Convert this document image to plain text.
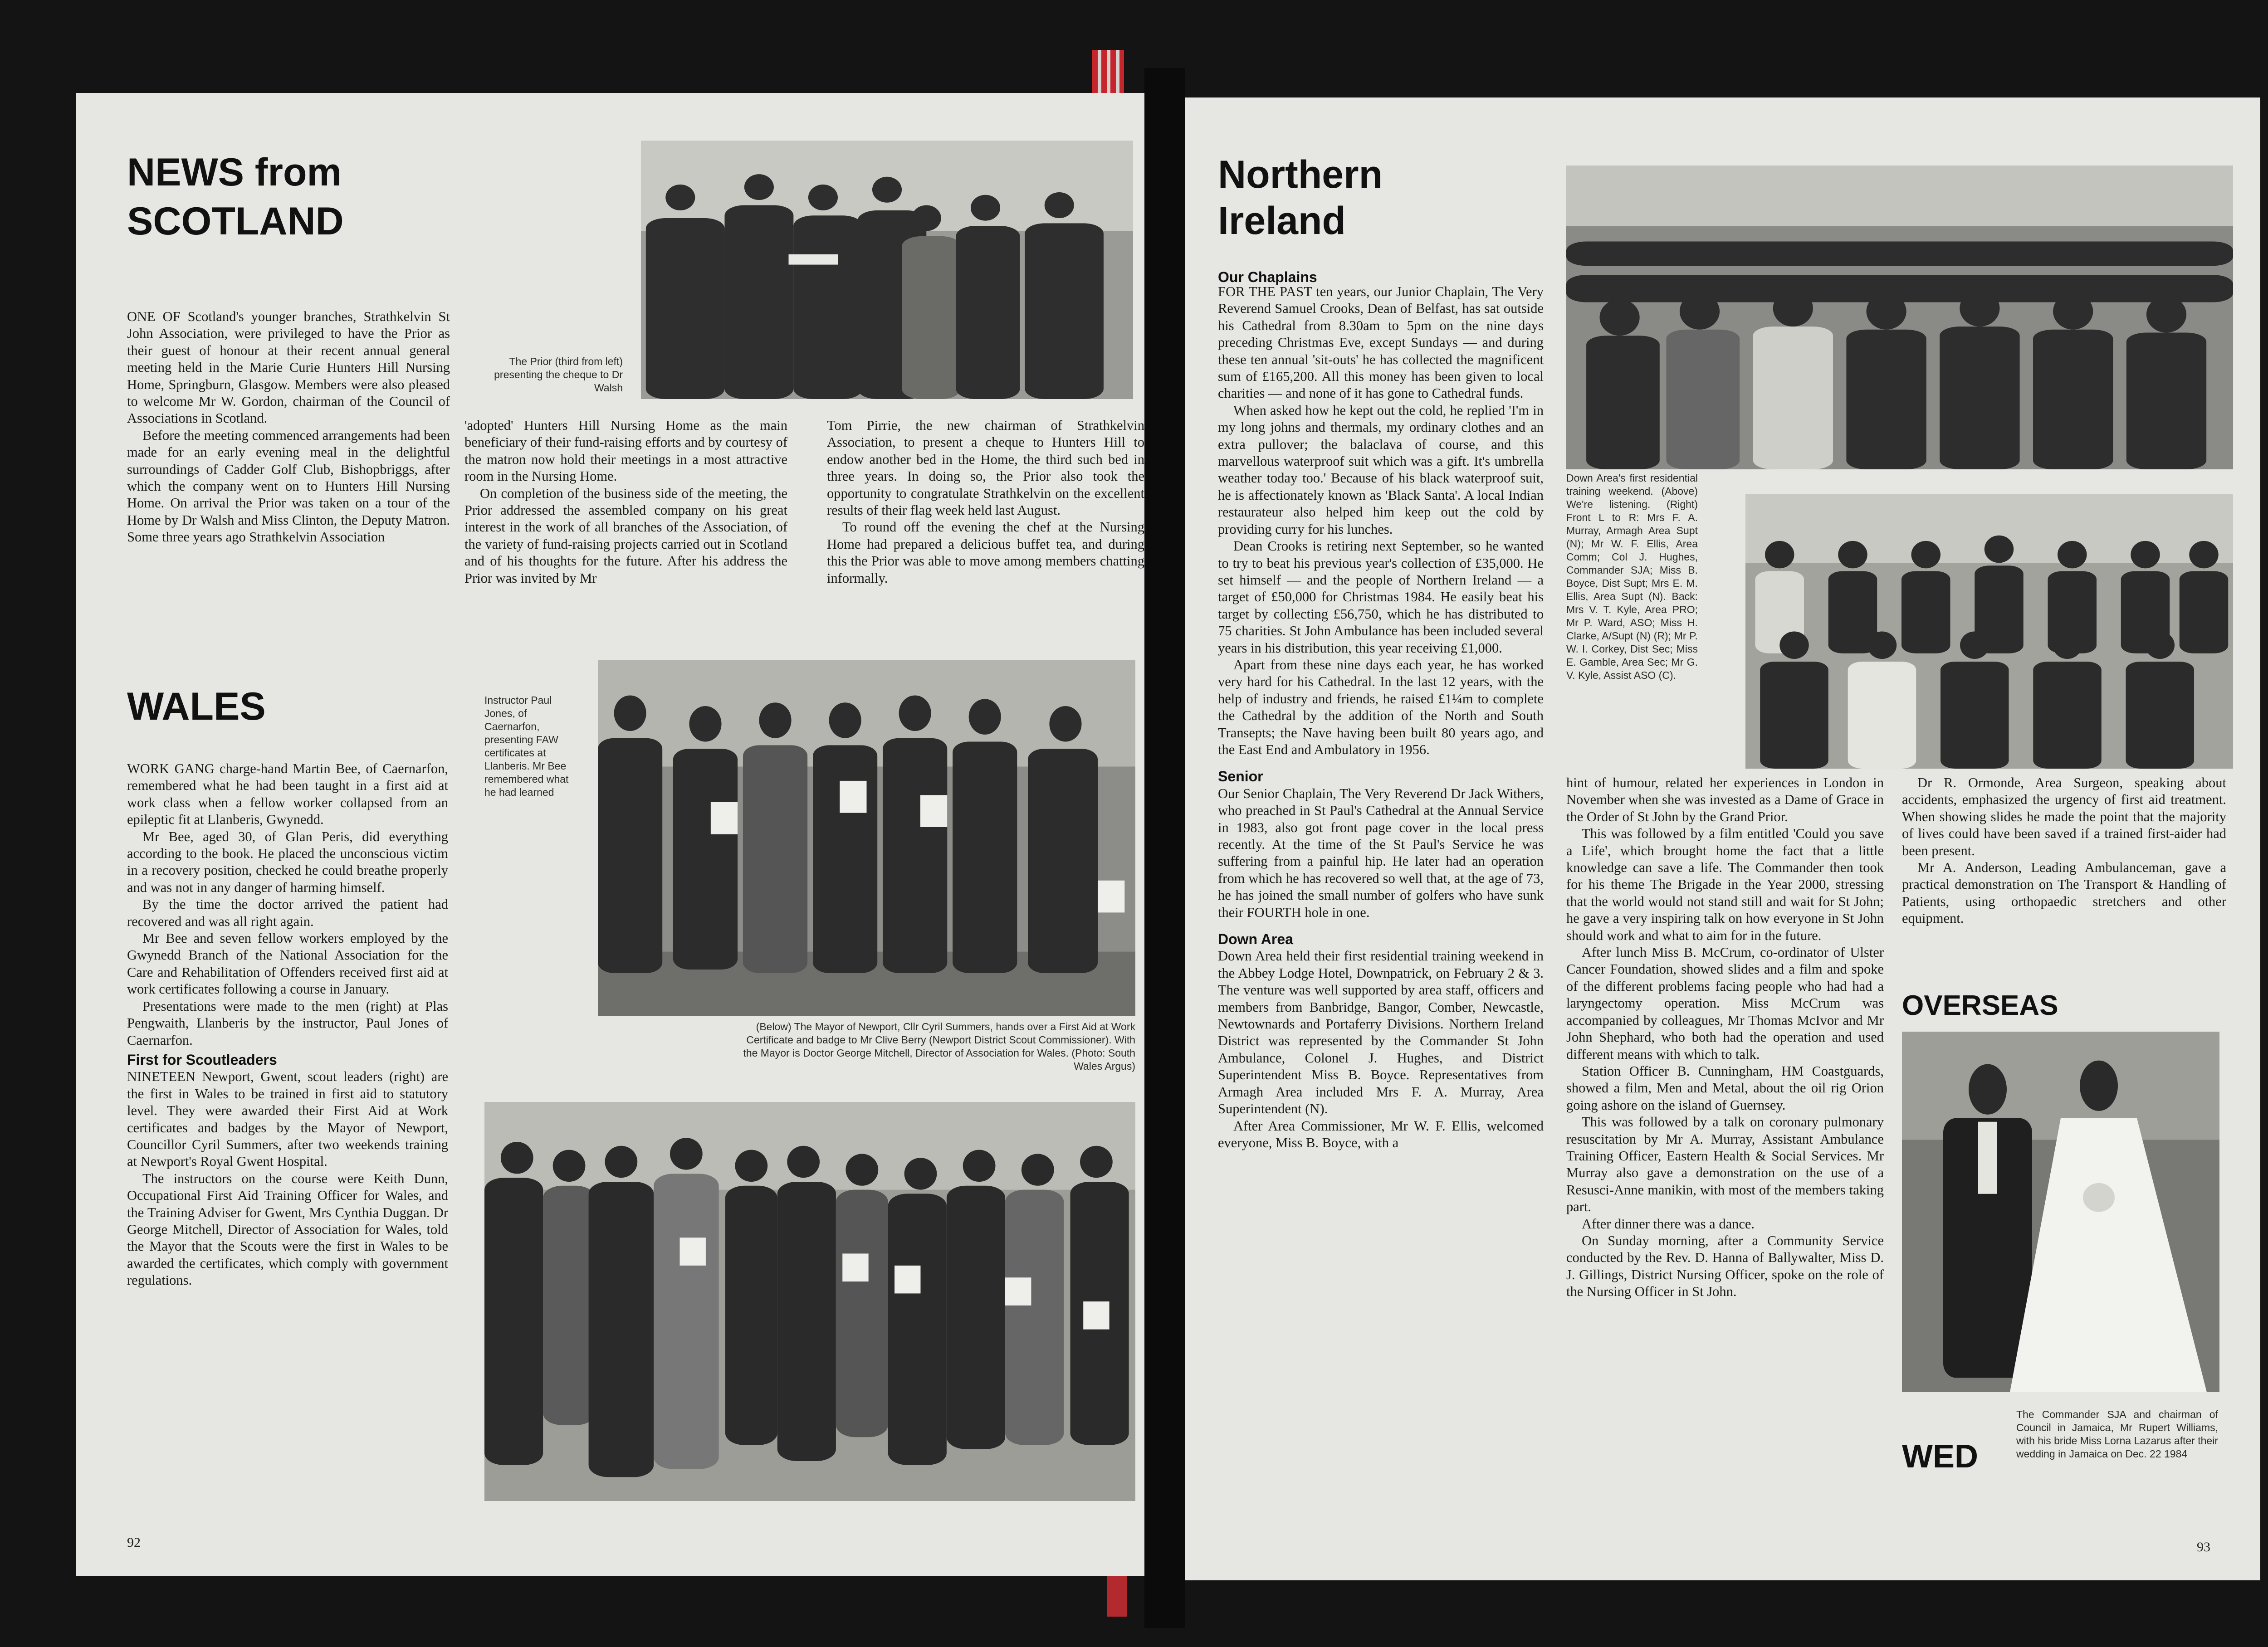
NEWS from
SCOTLAND
The Prior (third from left) presenting the cheque to Dr Walsh

ONE OF Scotland's younger branches, Strathkelvin St John Association, were privileged to have the Prior as their guest of honour at their recent annual general meeting held in the Marie Curie Hunters Hill Nursing Home, Springburn, Glasgow. Members were also pleased to welcome Mr W. Gordon, chairman of the Council of Associations in Scotland.

Before the meeting commenced arrangements had been made for an early evening meal in the delightful surroundings of Cadder Golf Club, Bishopbriggs, after which the company went on to Hunters Hill Nursing Home. On arrival the Prior was taken on a tour of the Home by Dr Walsh and Miss Clinton, the Deputy Matron. Some three years ago Strathkelvin Association

'adopted' Hunters Hill Nursing Home as the main beneficiary of their fund-raising efforts and by courtesy of the matron now hold their meetings in a most attractive room in the Nursing Home.

On completion of the business side of the meeting, the Prior addressed the assembled company on his great interest in the work of all branches of the Association, of the variety of fund-raising projects carried out in Scotland and of his thoughts for the future. After his address the Prior was invited by Mr

Tom Pirrie, the new chairman of Strathkelvin Association, to present a cheque to Hunters Hill to endow another bed in the Home, the third such bed in three years. In doing so, the Prior also took the opportunity to congratulate Strathkelvin on the excellent results of their flag week held last August.

To round off the evening the chef at the Nursing Home had prepared a delicious buffet tea, and during this the Prior was able to move among members chatting informally.

WALES	Instructor Paul Jones, of Caernarfon, presenting FAW certificates at Llanberis. Mr Bee remembered what he had learned
(Below) The Mayor of Newport, Cllr Cyril Summers, hands over a First Aid at Work Certificate and badge to Mr Clive Berry (Newport District Scout Commissioner). With the Mayor is Doctor George Mitchell, Director of Association for Wales. (Photo: South Wales Argus)

WORK GANG charge-hand Martin Bee, of Caernarfon, remembered what he had been taught in a first aid at work class when a fellow worker collapsed from an epileptic fit at Llanberis, Gwynedd.

Mr Bee, aged 30, of Glan Peris, did everything according to the book. He placed the unconscious victim in a recovery position, checked he could breathe properly and was not in any danger of harming himself.

By the time the doctor arrived the patient had recovered and was all right again.

Mr Bee and seven fellow workers employed by the Gwynedd Branch of the National Association for the Care and Rehabilitation of Offenders received first aid at work certificates following a course in January.

Presentations were made to the men (right) at Plas Pengwaith, Llanberis by the instructor, Paul Jones of Caernarfon.

First for Scoutleaders

NINETEEN Newport, Gwent, scout leaders (right) are the first in Wales to be trained in first aid to statutory level. They were awarded their First Aid at Work certificates and badges by the Mayor of Newport, Councillor Cyril Summers, after two weekends training at Newport's Royal Gwent Hospital.

The instructors on the course were Keith Dunn, Occupational First Aid Training Officer for Wales, and the Training Adviser for Gwent, Mrs Cynthia Duggan. Dr George Mitchell, Director of Association for Wales, told the Mayor that the Scouts were the first in Wales to be awarded the certificates, which comply with government regulations.

92
Northern
Ireland
Our Chaplains

FOR THE PAST ten years, our Junior Chaplain, The Very Reverend Samuel Crooks, Dean of Belfast, has sat outside his Cathedral from 8.30am to 5pm on the nine days preceding Christmas Eve, except Sundays — and during these ten annual 'sit-outs' he has collected the magnificent sum of £165,200. All this money has been given to local charities — and none of it has gone to Cathedral funds.

When asked how he kept out the cold, he replied 'I'm in my long johns and thermals, my ordinary clothes and an extra pullover; the balaclava of course, and this marvellous waterproof suit which was a gift. It's umbrella weather today too.' Because of his black waterproof suit, he is affectionately known as 'Black Santa'. A local Indian restaurateur also helped him keep out the cold by providing curry for his lunches.

Dean Crooks is retiring next September, so he wanted to try to beat his previous year's collection of £35,000. He set himself — and the people of Northern Ireland — a target of £50,000 for Christmas 1984. He easily beat his target by collecting £56,750, which he has distributed to 75 charities. St John Ambulance has been included several years in his distribution, this year receiving £1,000.

Apart from these nine days each year, he has worked very hard for his Cathedral. In the last 12 years, with the help of industry and friends, he raised £1¼m to complete the Cathedral by the addition of the North and South Transepts; the Nave having been built 80 years ago, and the East End and Ambulatory in 1956.

Senior

Our Senior Chaplain, The Very Reverend Dr Jack Withers, who preached in St Paul's Cathedral at the Annual Service in 1983, also got front page cover in the local press recently. At the time of the St Paul's Service he was suffering from a painful hip. He later had an operation from which he has recovered so well that, at the age of 73, he has joined the small number of golfers who have sunk their FOURTH hole in one.

Down Area

Down Area held their first residential training weekend in the Abbey Lodge Hotel, Downpatrick, on February 2 & 3. The venture was well supported by area staff, officers and members from Banbridge, Bangor, Comber, Newcastle, Newtownards and Portaferry Divisions. Northern Ireland District was represented by the Commander St John Ambulance, Colonel J. Hughes, and District Superintendent Miss B. Boyce. Representatives from Armagh Area included Mrs F. A. Murray, Area Superintendent (N).

After Area Commissioner, Mr W. F. Ellis, welcomed everyone, Miss B. Boyce, with a

Down Area's first residential training weekend. (Above) We're listening. (Right) Front L to R: Mrs F. A. Murray, Armagh Area Supt (N); Mr W. F. Ellis, Area Comm; Col J. Hughes, Commander SJA; Miss B. Boyce, Dist Supt; Mrs E. M. Ellis, Area Supt (N). Back: Mrs V. T. Kyle, Area PRO; Mr P. Ward, ASO; Miss H. Clarke, A/Supt (N) (R); Mr P. W. I. Corkey, Dist Sec; Miss E. Gamble, Area Sec; Mr G. V. Kyle, Assist ASO (C).

hint of humour, related her experiences in London in November when she was invested as a Dame of Grace in the Order of St John by the Grand Prior.

This was followed by a film entitled 'Could you save a Life', which brought home the fact that a little knowledge can save a life. The Commander then took for his theme The Brigade in the Year 2000, stressing that the world would not stand still and wait for St John; he gave a very inspiring talk on how everyone in St John should work and what to aim for in the future.

After lunch Miss B. McCrum, co-ordinator of Ulster Cancer Foundation, showed slides and a film and spoke of the different problems facing people who had had a laryngectomy operation. Miss McCrum was accompanied by colleagues, Mr Thomas McIvor and Mr John Shephard, who both had the operation and used different means with which to talk.

Station Officer B. Cunningham, HM Coastguards, showed a film, Men and Metal, about the oil rig Orion going ashore on the island of Guernsey.

This was followed by a talk on coronary pulmonary resuscitation by Mr A. Murray, Assistant Ambulance Training Officer, Eastern Health & Social Services. Mr Murray also gave a demonstration on the use of a Resusci-Anne manikin, with most of the members taking part.

After dinner there was a dance.

On Sunday morning, after a Community Service conducted by the Rev. D. Hanna of Ballywalter, Miss D. J. Gillings, District Nursing Officer, spoke on the role of the Nursing Officer in St John.

Dr R. Ormonde, Area Surgeon, speaking about accidents, emphasized the urgency of first aid treatment. When showing slides he made the point that the majority of lives could have been saved if a trained first-aider had been present.

Mr A. Anderson, Leading Ambulanceman, gave a practical demonstration on The Transport & Handling of Patients, using orthopaedic stretchers and other equipment.

OVERSEAS
WED
The Commander SJA and chairman of Council in Jamaica, Mr Rupert Williams, with his bride Miss Lorna Lazarus after their wedding in Jamaica on Dec. 22 1984
93
